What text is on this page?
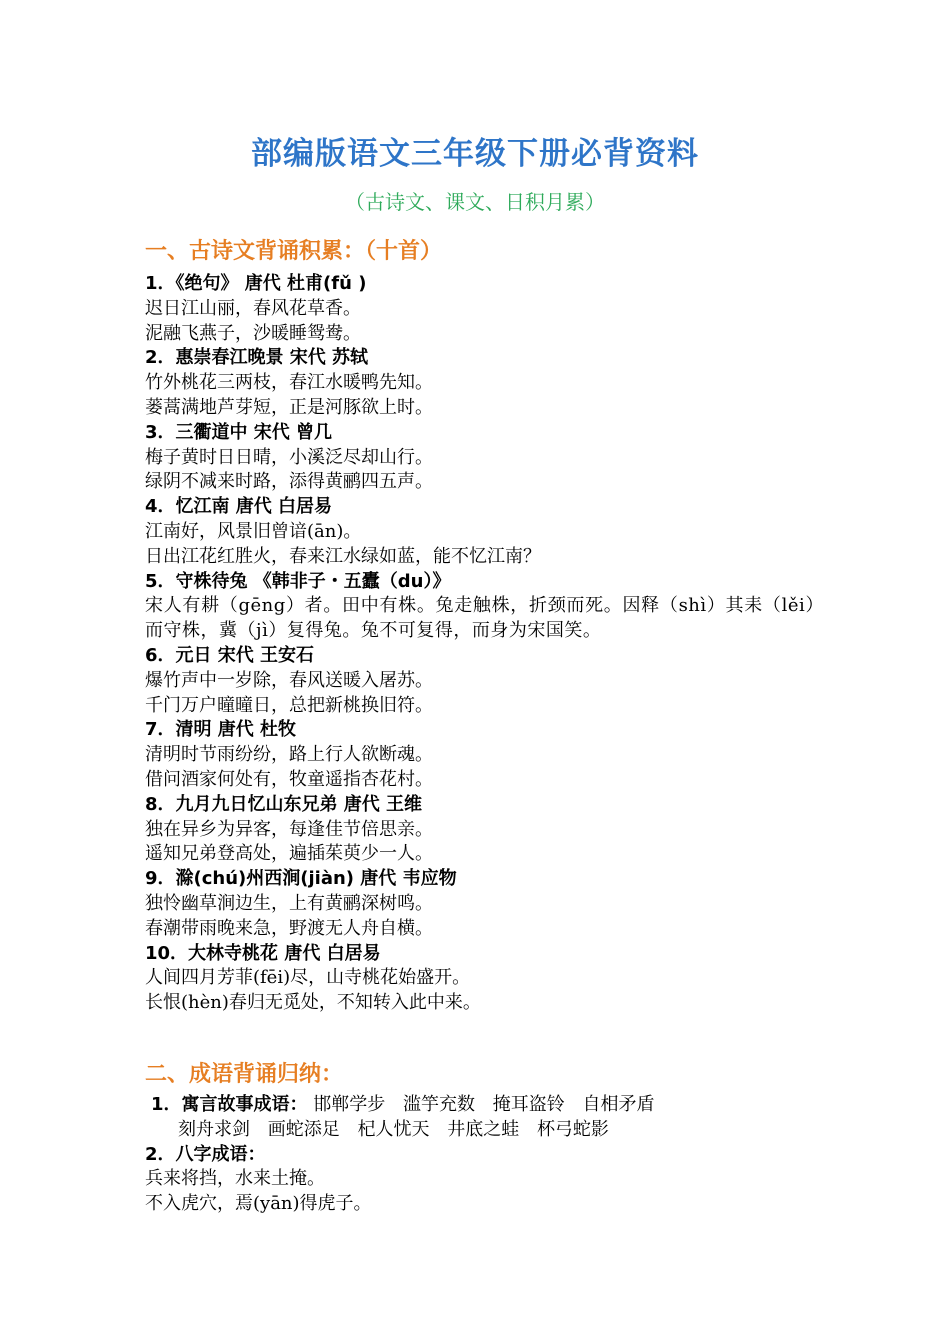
部编版语文三年级下册必背资料
（古诗文、课文、日积月累）
一、古诗文背诵积累：（十首）
1．《绝句》 唐代 杜甫(fǔ )
迟日江山丽，春风花草香。
泥融飞燕子，沙暖睡鸳鸯。
2．惠崇春江晚景 宋代 苏轼
竹外桃花三两枝，春江水暖鸭先知。
蒌蒿满地芦芽短，正是河豚欲上时。
3．三衢道中 宋代 曾几
梅子黄时日日晴，小溪泛尽却山行。
绿阴不减来时路，添得黄鹂四五声。
4．忆江南 唐代 白居易
江南好，风景旧曾谙(ān)。
日出江花红胜火，春来江水绿如蓝，能不忆江南？
5．守株待兔 《韩非子・五蠹（du）》
宋人有耕（gēng）者。田中有株。兔走触株，折颈而死。因释（shì）其耒（lěi）而守株，冀（jì）复得兔。兔不可复得，而身为宋国笑。
6．元日 宋代 王安石
爆竹声中一岁除，春风送暖入屠苏。
千门万户曈曈日，总把新桃换旧符。
7．清明 唐代 杜牧
清明时节雨纷纷，路上行人欲断魂。
借问酒家何处有，牧童遥指杏花村。
8．九月九日忆山东兄弟 唐代 王维
独在异乡为异客，每逢佳节倍思亲。
遥知兄弟登高处，遍插茱萸少一人。
9．滁(chú)州西涧(jiàn) 唐代 韦应物
独怜幽草涧边生，上有黄鹂深树鸣。
春潮带雨晚来急，野渡无人舟自横。
10．大林寺桃花 唐代 白居易
人间四月芳菲(fēi)尽，山寺桃花始盛开。
长恨(hèn)春归无觅处，不知转入此中来。
二、成语背诵归纳：
1．寓言故事成语： 邯郸学步 滥竽充数 掩耳盗铃 自相矛盾
刻舟求剑 画蛇添足 杞人忧天 井底之蛙 杯弓蛇影
2．八字成语：
兵来将挡，水来土掩。
不入虎穴，焉(yān)得虎子。
